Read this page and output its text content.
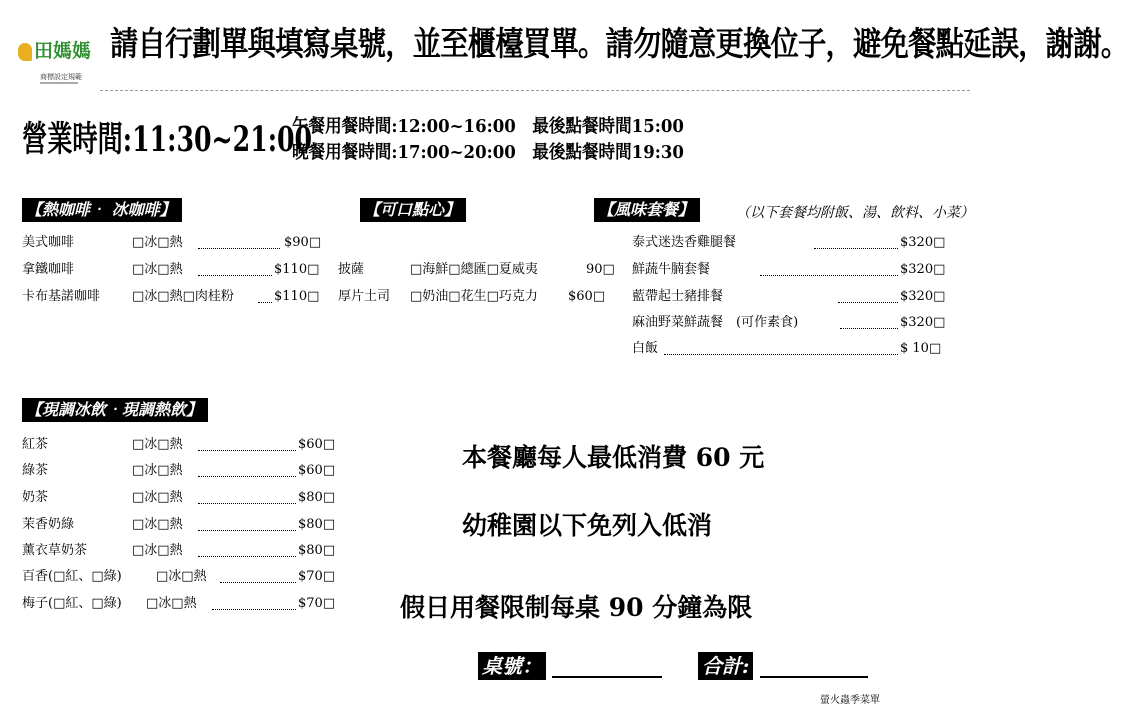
田媽媽
商標設定規範
請自行劃單與填寫桌號，並至櫃檯買單。請勿隨意更換位子，避免餐點延誤，謝謝。
營業時間:11:30~21:00
午餐用餐時間:12:00~16:00　最後點餐時間15:00
晚餐用餐時間:17:00~20:00　最後點餐時間19:30
【熱咖啡‧ 冰咖啡】	【可口點心】	【風味套餐】	（以下套餐均附飯、湯、飲料、小菜）
美式咖啡	□冰□熱	$90□
拿鐵咖啡	□冰□熱	$110□
卡布基諾咖啡 □冰□熱□肉桂粉	$110□
披薩	□海鮮□總匯□夏威夷	90□
厚片土司 □奶油□花生□巧克力 $60□
泰式迷迭香雞腿餐	$320□
鮮蔬牛腩套餐	$320□
藍帶起士豬排餐	$320□
麻油野菜鮮蔬餐　(可作素食)	$320□
白飯	$ 10□
【現調冰飲‧現調熱飲】
紅茶	□冰□熱	$60□
綠茶	□冰□熱	$60□
奶茶	□冰□熱	$80□
茉香奶綠	□冰□熱	$80□
薰衣草奶茶	□冰□熱	$80□
百香(□紅、□綠)	□冰□熱	$70□
梅子(□紅、□綠) □冰□熱	$70□
本餐廳每人最低消費 60 元
幼稚園以下免列入低消
假日用餐限制每桌 90 分鐘為限
桌號：	合計:
螢火蟲季菜單
